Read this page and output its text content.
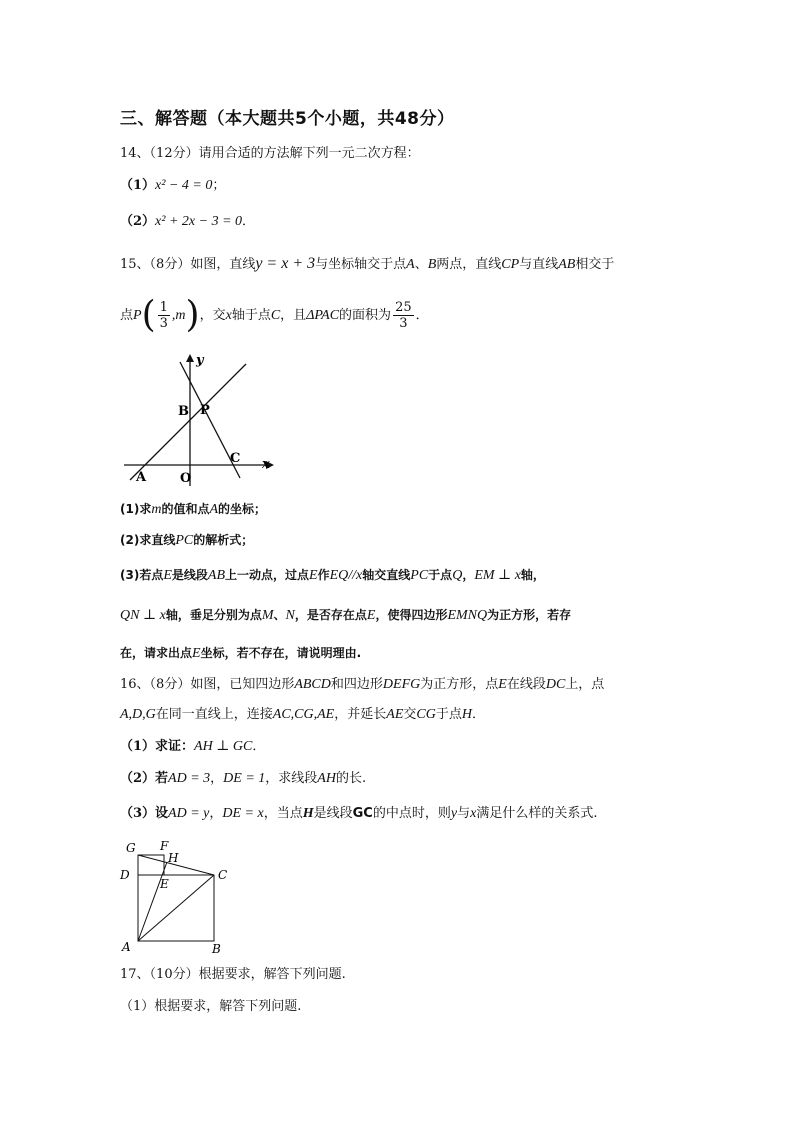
三、解答题（本大题共5个小题，共48分）
14、（12分）请用合适的方法解下列一元二次方程：
（1）x² − 4 = 0；
（2）x² + 2x − 3 = 0．
15、（8分）如图，直线y = x + 3与坐标轴交于点A、B两点，直线CP与直线AB相交于
点$P( \frac{1}{3} ,m)$，交x轴于点C，且ΔPAC的面积为 $\frac{25}{3}$ ．
y
B P
C x
A	O
(1)求m的值和点A的坐标；
(2)求直线PC的解析式；
(3)若点E是线段AB上一动点，过点E作EQ//x轴交直线PC于点Q，EM ⊥ x轴，
QN ⊥ x轴，垂足分别为点M、N，是否存在点E，使得四边形EMNQ为正方形，若存
在，请求出点E坐标，若不存在，请说明理由.
16、（8分）如图，已知四边形ABCD和四边形DEFG为正方形，点E在线段DC上，点
A,D,G在同一直线上，连接AC,CG,AE，并延长AE交CG于点H．
（1）求证：AH ⊥ GC．
（2）若AD = 3，DE = 1，求线段AH的长.
（3）设AD = y，DE = x，当点H是线段GC的中点时，则y与x满足什么样的关系式.
G F
H
D
E
C
A	B
17、（10分）根据要求，解答下列问题.
（1）根据要求，解答下列问题.
